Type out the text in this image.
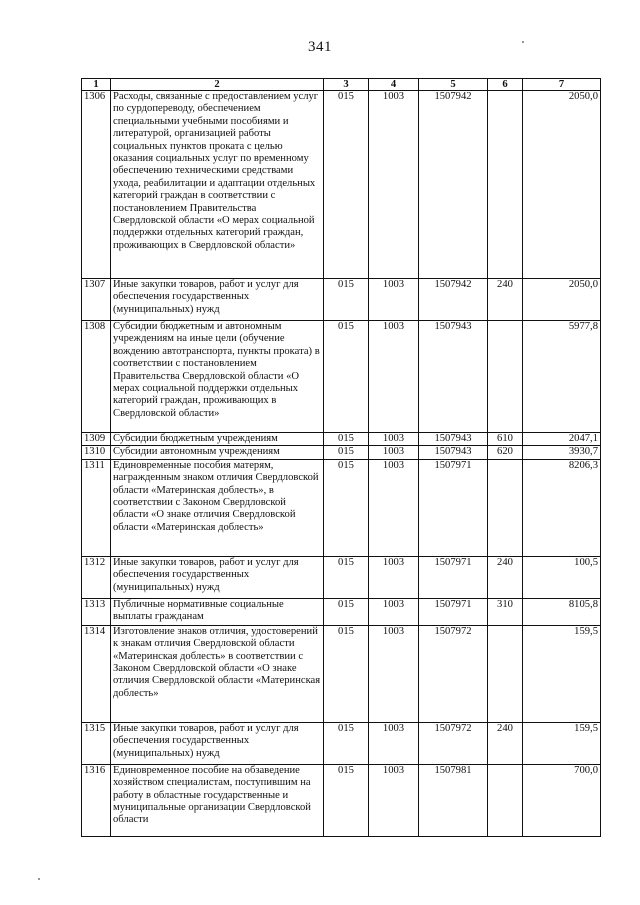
341
1	2	3	4	5	6	7
1306	Расходы, связанные с предоставлением услуг по сурдопереводу, обеспечением специальными учебными пособиями и литературой, организацией работы социальных пунктов проката с целью оказания социальных услуг по временному обеспечению техническими средствами ухода, реабилитации и адаптации отдельных категорий граждан в соответствии с постановлением Правительства Свердловской области «О мерах социальной поддержки отдельных категорий граждан, проживающих в Свердловской области»	015	1003	1507942		2050,0
1307	Иные закупки товаров, работ и услуг для обеспечения государственных (муниципальных) нужд	015	1003	1507942	240	2050,0
1308	Субсидии бюджетным и автономным учреждениям на иные цели (обучение вождению автотранспорта, пункты проката) в соответствии с постановлением Правительства Свердловской области «О мерах социальной поддержки отдельных категорий граждан, проживающих в Свердловской области»	015	1003	1507943		5977,8
1309	Субсидии бюджетным учреждениям	015	1003	1507943	610	2047,1
1310	Субсидии автономным учреждениям	015	1003	1507943	620	3930,7
1311	Единовременные пособия матерям, награжденным знаком отличия Свердловской области «Материнская доблесть», в соответствии с Законом Свердловской области «О знаке отличия Свердловской области «Материнская доблесть»	015	1003	1507971		8206,3
1312	Иные закупки товаров, работ и услуг для обеспечения государственных (муниципальных) нужд	015	1003	1507971	240	100,5
1313	Публичные нормативные социальные выплаты гражданам	015	1003	1507971	310	8105,8
1314	Изготовление знаков отличия, удостоверений к знакам отличия Свердловской области «Материнская доблесть» в соответствии с Законом Свердловской области «О знаке отличия Свердловской области «Материнская доблесть»	015	1003	1507972		159,5
1315	Иные закупки товаров, работ и услуг для обеспечения государственных (муниципальных) нужд	015	1003	1507972	240	159,5
1316	Единовременное пособие на обзаведение хозяйством специалистам, поступившим на работу в областные государственные и муниципальные организации Свердловской области	015	1003	1507981		700,0
